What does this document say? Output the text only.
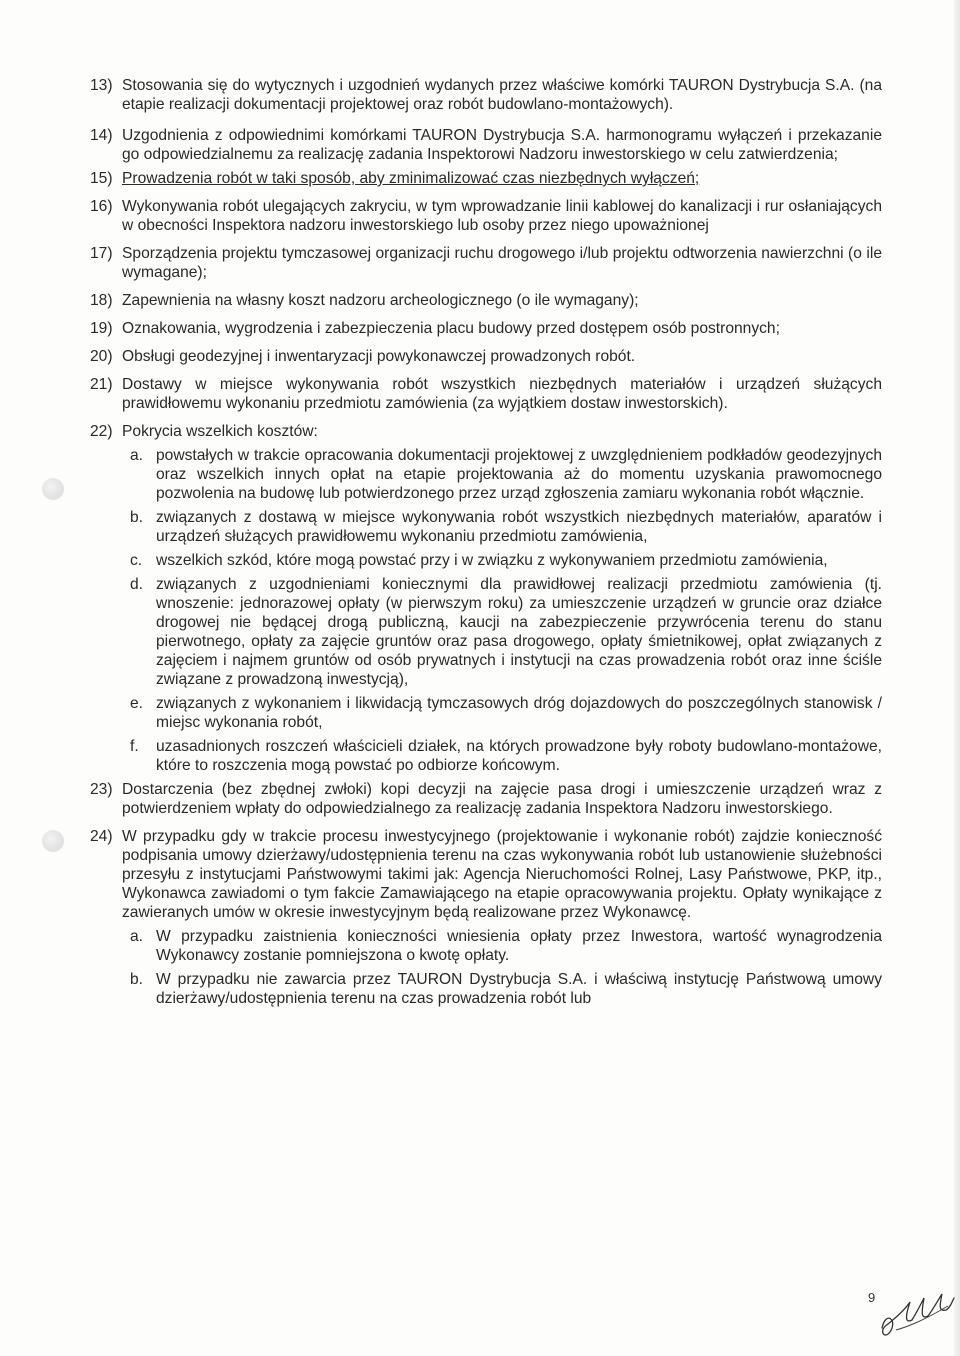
13) Stosowania się do wytycznych i uzgodnień wydanych przez właściwe komórki TAURON Dystrybucja S.A. (na etapie realizacji dokumentacji projektowej oraz robót budowlano-montażowych).

14) Uzgodnienia z odpowiednimi komórkami TAURON Dystrybucja S.A. harmonogramu wyłączeń i przekazanie go odpowiedzialnemu za realizację zadania Inspektorowi Nadzoru inwestorskiego w celu zatwierdzenia;

15) Prowadzenia robót w taki sposób, aby zminimalizować czas niezbędnych wyłączeń;

16) Wykonywania robót ulegających zakryciu, w tym wprowadzanie linii kablowej do kanalizacji i rur osłaniających w obecności Inspektora nadzoru inwestorskiego lub osoby przez niego upoważnionej

17) Sporządzenia projektu tymczasowej organizacji ruchu drogowego i/lub projektu odtworzenia nawierzchni (o ile wymagane);

18) Zapewnienia na własny koszt nadzoru archeologicznego (o ile wymagany);

19) Oznakowania, wygrodzenia i zabezpieczenia placu budowy przed dostępem osób postronnych;

20) Obsługi geodezyjnej i inwentaryzacji powykonawczej prowadzonych robót.

21) Dostawy w miejsce wykonywania robót wszystkich niezbędnych materiałów i urządzeń służących prawidłowemu wykonaniu przedmiotu zamówienia (za wyjątkiem dostaw inwestorskich).

22) Pokrycia wszelkich kosztów:

a. powstałych w trakcie opracowania dokumentacji projektowej z uwzględnieniem podkładów geodezyjnych oraz wszelkich innych opłat na etapie projektowania aż do momentu uzyskania prawomocnego pozwolenia na budowę lub potwierdzonego przez urząd zgłoszenia zamiaru wykonania robót włącznie.

b. związanych z dostawą w miejsce wykonywania robót wszystkich niezbędnych materiałów, aparatów i urządzeń służących prawidłowemu wykonaniu przedmiotu zamówienia,

c. wszelkich szkód, które mogą powstać przy i w związku z wykonywaniem przedmiotu zamówienia,

d. związanych z uzgodnieniami koniecznymi dla prawidłowej realizacji przedmiotu zamówienia (tj. wnoszenie: jednorazowej opłaty (w pierwszym roku) za umieszczenie urządzeń w gruncie oraz działce drogowej nie będącej drogą publiczną, kaucji na zabezpieczenie przywrócenia terenu do stanu pierwotnego, opłaty za zajęcie gruntów oraz pasa drogowego, opłaty śmietnikowej, opłat związanych z zajęciem i najmem gruntów od osób prywatnych i instytucji na czas prowadzenia robót oraz inne ściśle związane z prowadzoną inwestycją),

e. związanych z wykonaniem i likwidacją tymczasowych dróg dojazdowych do poszczególnych stanowisk / miejsc wykonania robót,

f. uzasadnionych roszczeń właścicieli działek, na których prowadzone były roboty budowlano-montażowe, które to roszczenia mogą powstać po odbiorze końcowym.

23) Dostarczenia (bez zbędnej zwłoki) kopi decyzji na zajęcie pasa drogi i umieszczenie urządzeń wraz z potwierdzeniem wpłaty do odpowiedzialnego za realizację zadania Inspektora Nadzoru inwestorskiego.

24) W przypadku gdy w trakcie procesu inwestycyjnego (projektowanie i wykonanie robót) zajdzie konieczność podpisania umowy dzierżawy/udostępnienia terenu na czas wykonywania robót lub ustanowienie służebności przesyłu z instytucjami Państwowymi takimi jak: Agencja Nieruchomości Rolnej, Lasy Państwowe, PKP, itp., Wykonawca zawiadomi o tym fakcie Zamawiającego na etapie opracowywania projektu. Opłaty wynikające z zawieranych umów w okresie inwestycyjnym będą realizowane przez Wykonawcę.

a. W przypadku zaistnienia konieczności wniesienia opłaty przez Inwestora, wartość wynagrodzenia Wykonawcy zostanie pomniejszona o kwotę opłaty.

b. W przypadku nie zawarcia przez TAURON Dystrybucja S.A. i właściwą instytucję Państwową umowy dzierżawy/udostępnienia terenu na czas prowadzenia robót lub

9
